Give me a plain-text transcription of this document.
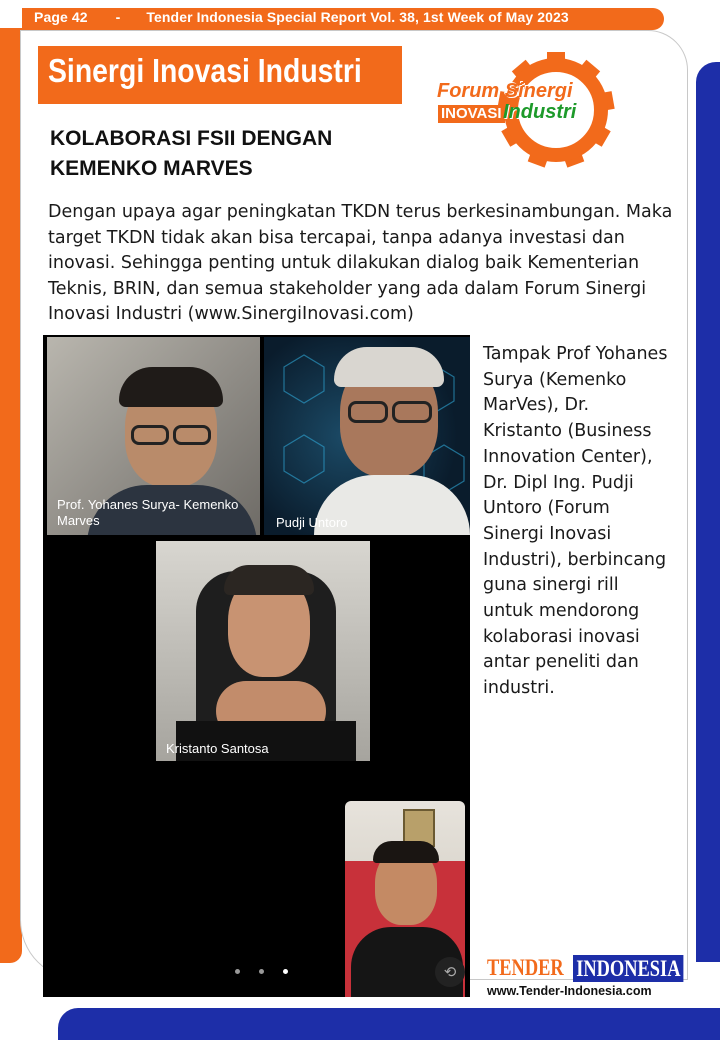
Page 42 - Tender Indonesia Special Report Vol. 38, 1st Week of May 2023
Sinergi Inovasi Industri
Forum Sinergi
INOVASI Industri
KOLABORASI FSII DENGAN
KEMENKO MARVES
Dengan upaya agar peningkatan TKDN terus berkesinambungan. Maka target TKDN tidak akan bisa tercapai, tanpa adanya investasi dan inovasi. Sehingga penting untuk dilakukan dialog baik Kementerian Teknis, BRIN, dan semua stakeholder yang ada dalam Forum Sinergi Inovasi Industri (www.SinergiInovasi.com)
Prof. Yohanes Surya- Kemenko Marves	Pudji Untoro
Kristanto Santosa
⟲
Tampak Prof Yohanes Surya (Kemenko MarVes), Dr. Kristanto (Business Innovation Center), Dr. Dipl Ing. Pudji Untoro (Forum Sinergi Inovasi Industri), berbincang guna sinergi rill untuk mendorong kolaborasi inovasi antar peneliti dan industri.
TENDER INDONESIA
www.Tender-Indonesia.com
